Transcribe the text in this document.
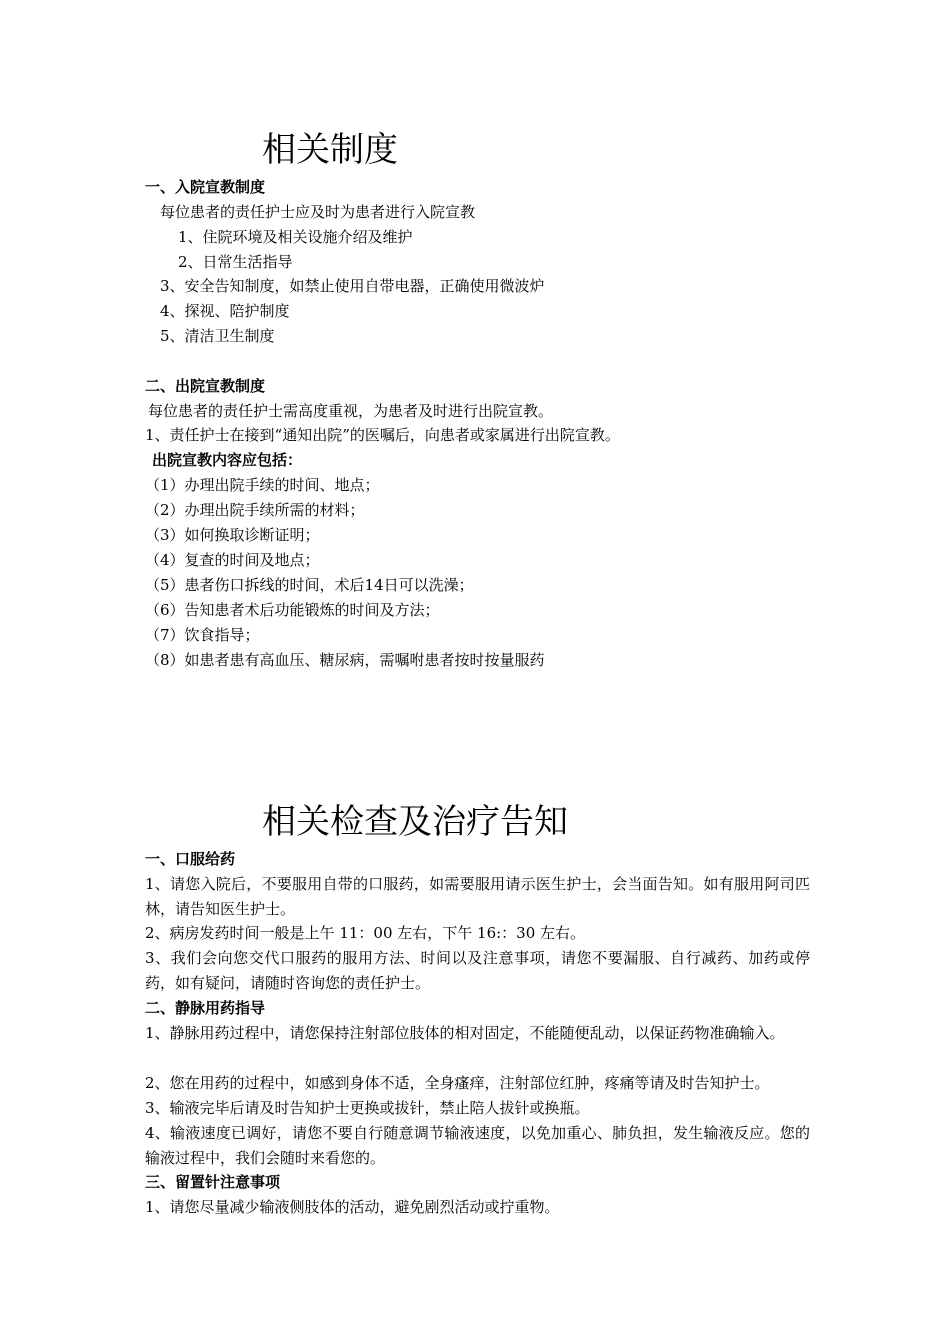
相关制度
一、入院宣教制度
每位患者的责任护士应及时为患者进行入院宣教
1、住院环境及相关设施介绍及维护
2、日常生活指导
3、安全告知制度，如禁止使用自带电器，正确使用微波炉
4、探视、陪护制度
5、清洁卫生制度
二、出院宣教制度
每位患者的责任护士需高度重视，为患者及时进行出院宣教。
1、责任护士在接到“通知出院”的医嘱后，向患者或家属进行出院宣教。
出院宣教内容应包括：
（1）办理出院手续的时间、地点；
（2）办理出院手续所需的材料；
（3）如何换取诊断证明；
（4）复查的时间及地点；
（5）患者伤口拆线的时间，术后14日可以洗澡；
（6）告知患者术后功能锻炼的时间及方法；
（7）饮食指导；
（8）如患者患有高血压、糖尿病，需嘱咐患者按时按量服药
相关检查及治疗告知
一、口服给药
1、请您入院后，不要服用自带的口服药，如需要服用请示医生护士，会当面告知。如有服用阿司匹林，请告知医生护士。
2、病房发药时间一般是上午 11：00 左右，下午 16:：30 左右。
3、我们会向您交代口服药的服用方法、时间以及注意事项，请您不要漏服、自行减药、加药或停药，如有疑问，请随时咨询您的责任护士。
二、静脉用药指导
1、静脉用药过程中，请您保持注射部位肢体的相对固定，不能随便乱动，以保证药物准确输入。
2、您在用药的过程中，如感到身体不适，全身瘙痒，注射部位红肿，疼痛等请及时告知护士。
3、输液完毕后请及时告知护士更换或拔针，禁止陪人拔针或换瓶。
4、输液速度已调好，请您不要自行随意调节输液速度，以免加重心、肺负担，发生输液反应。您的输液过程中，我们会随时来看您的。
三、留置针注意事项
1、请您尽量减少输液侧肢体的活动，避免剧烈活动或拧重物。
